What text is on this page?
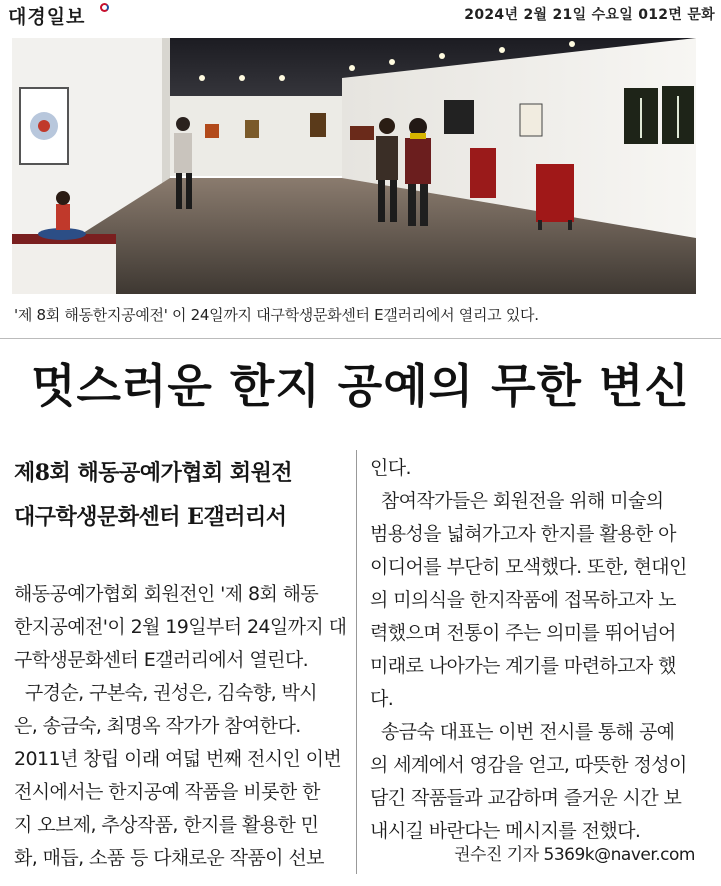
대경일보	2024년 2월 21일 수요일 012면 문화
'제 8회 해동한지공예전' 이 24일까지 대구학생문화센터 E갤러리에서 열리고 있다.
멋스러운 한지 공예의 무한 변신
제8회 해동공예가협회 회원전
대구학생문화센터 E갤러리서
해동공예가협회 회원전인 '제 8회 해동
한지공예전'이 2월 19일부터 24일까지 대
구학생문화센터 E갤러리에서 열린다.
구경순, 구본숙, 권성은, 김숙향, 박시
은, 송금숙, 최명옥 작가가 참여한다.
2011년 창립 이래 여덟 번째 전시인 이번
전시에서는 한지공예 작품을 비롯한 한
지 오브제, 추상작품, 한지를 활용한 민
화, 매듭, 소품 등 다채로운 작품이 선보
인다.
참여작가들은 회원전을 위해 미술의
범용성을 넓혀가고자 한지를 활용한 아
이디어를 부단히 모색했다. 또한, 현대인
의 미의식을 한지작품에 접목하고자 노
력했으며 전통이 주는 의미를 뛰어넘어
미래로 나아가는 계기를 마련하고자 했
다.
송금숙 대표는 이번 전시를 통해 공예
의 세계에서 영감을 얻고, 따뜻한 정성이
담긴 작품들과 교감하며 즐거운 시간 보
내시길 바란다는 메시지를 전했다.
권수진 기자 5369k@naver.com
